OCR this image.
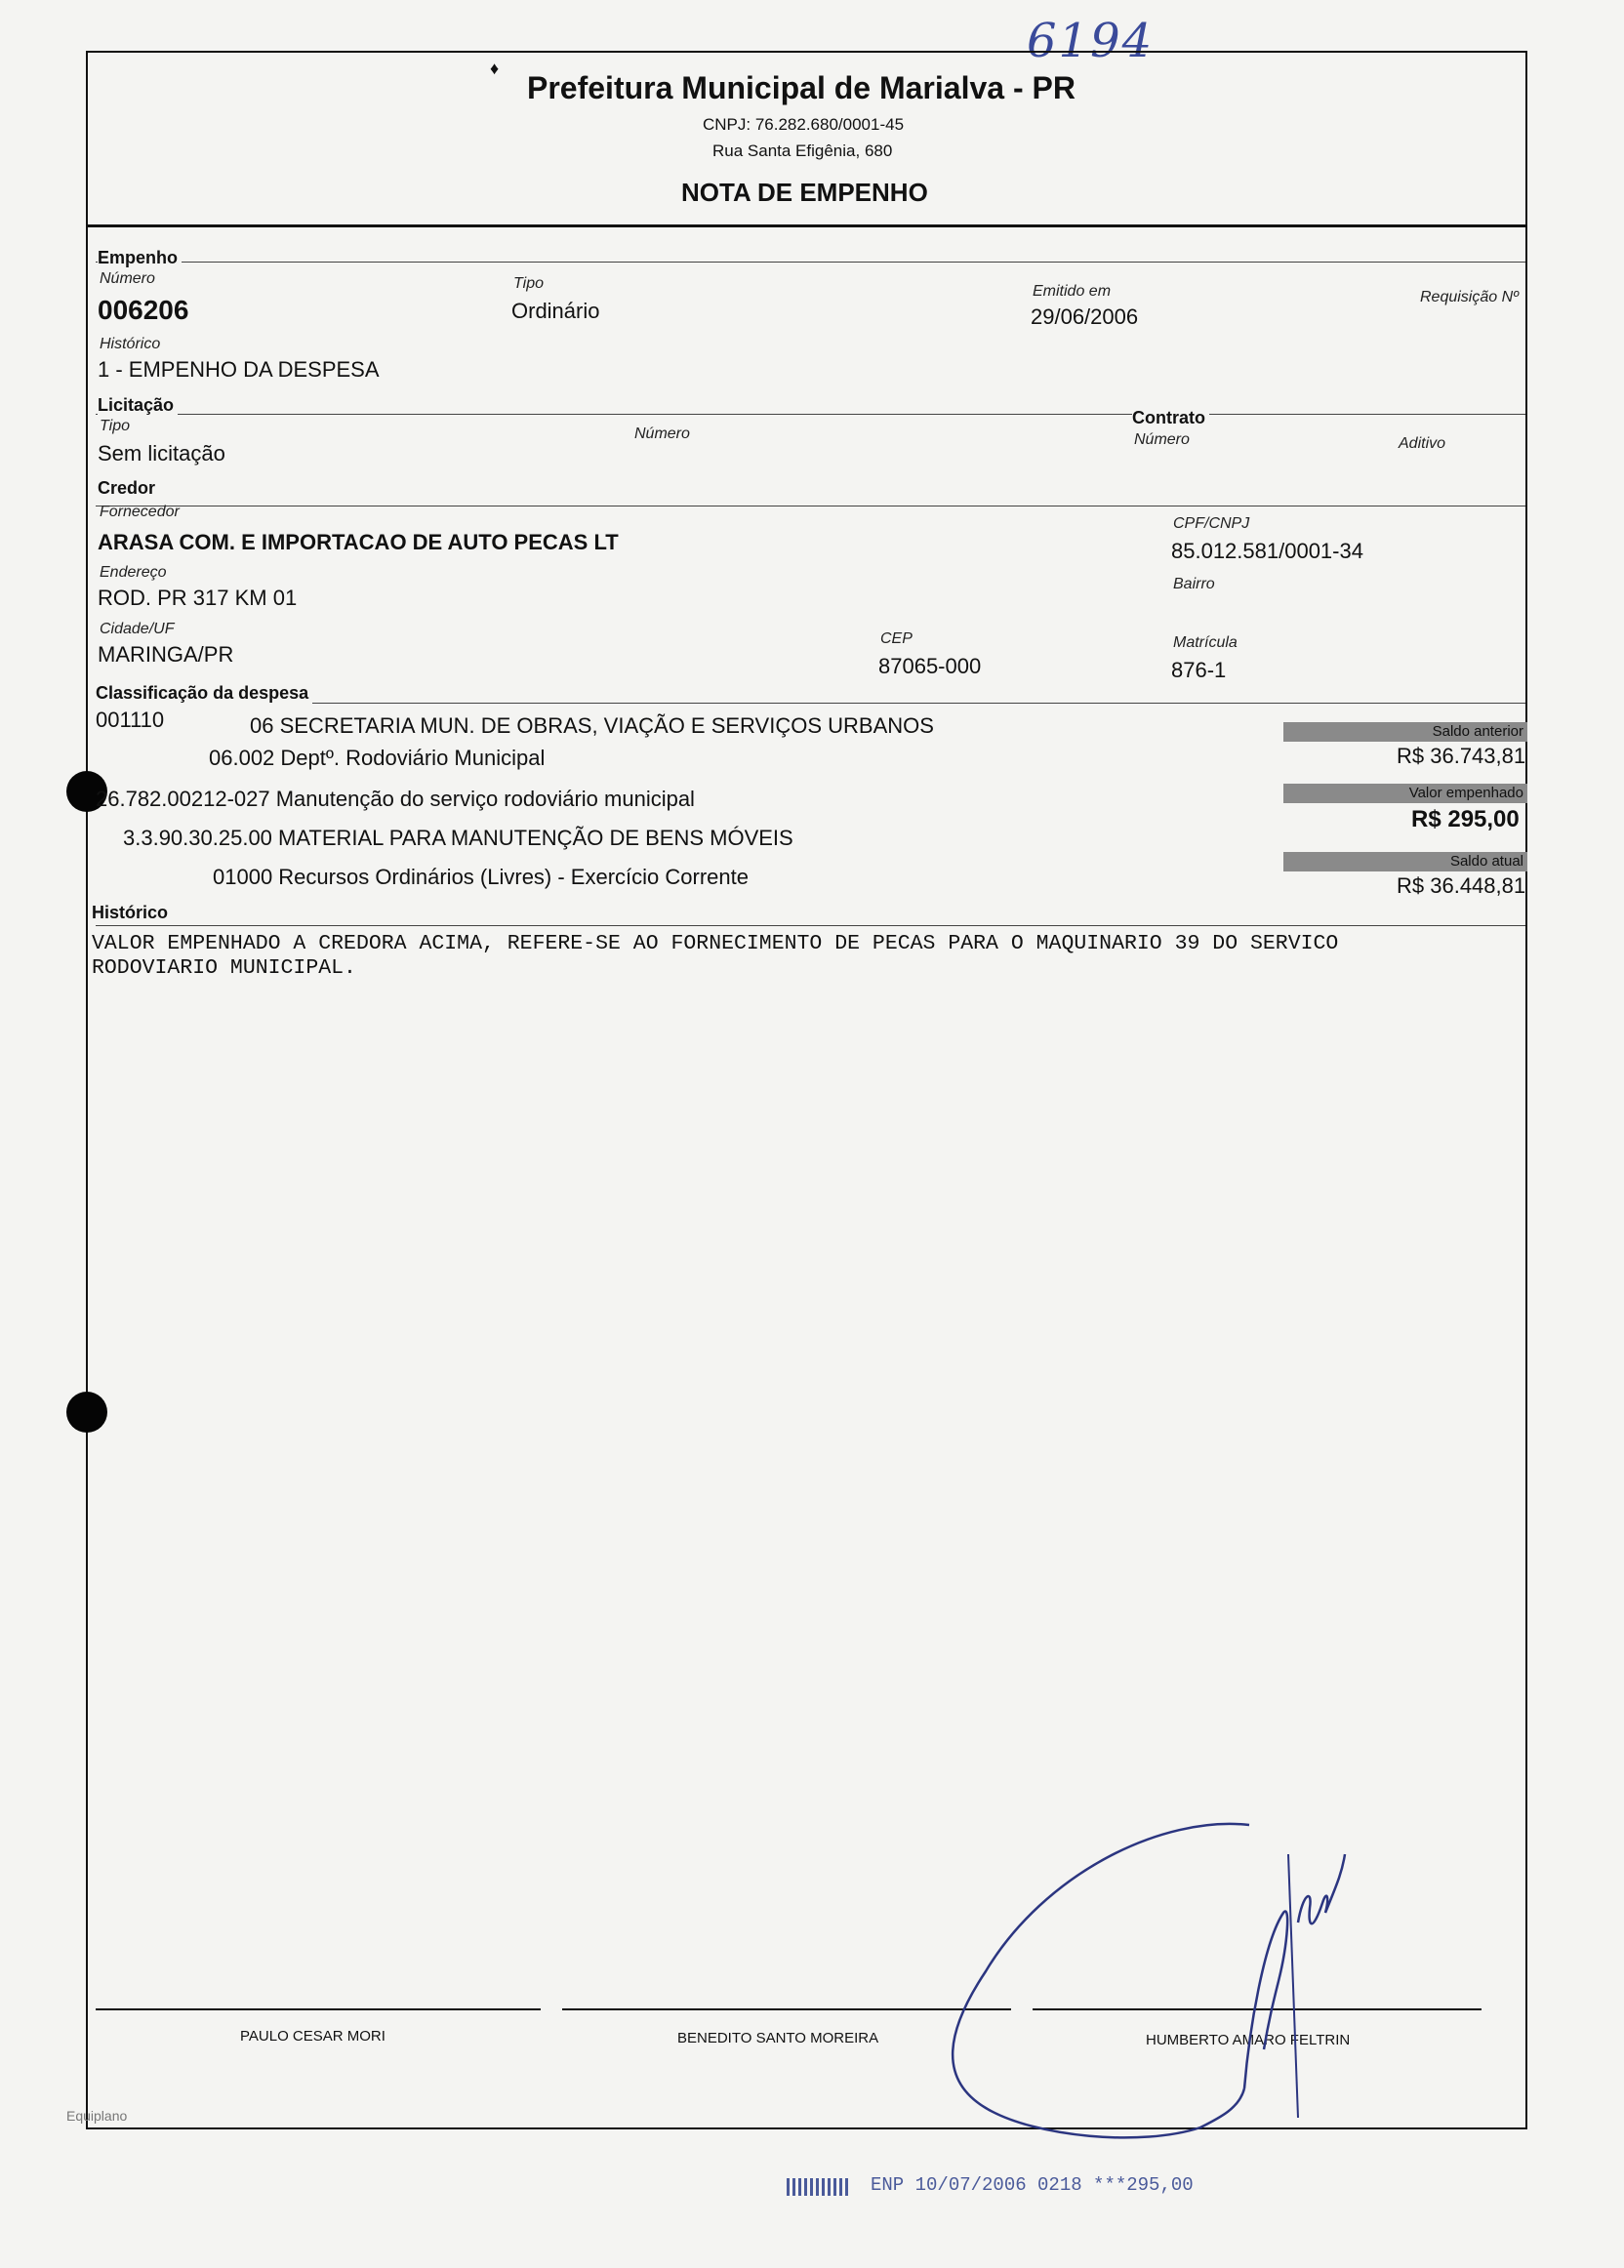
6194
♦
Prefeitura Municipal de Marialva - PR
CNPJ: 76.282.680/0001-45
Rua Santa Efigênia, 680
NOTA DE EMPENHO
Empenho
Número
006206
Tipo
Ordinário
Emitido em
29/06/2006
Requisição Nº
Histórico
1 - EMPENHO DA DESPESA
Licitação
Tipo
Sem licitação
Número
Contrato
Número	Aditivo
Credor
Fornecedor
ARASA COM. E IMPORTACAO DE AUTO PECAS LT
CPF/CNPJ
85.012.581/0001-34
Endereço
ROD. PR 317 KM 01
Bairro
Cidade/UF
MARINGA/PR
CEP
87065-000
Matrícula
876-1
Classificação da despesa
001110	06 SECRETARIA MUN. DE OBRAS, VIAÇÃO E SERVIÇOS URBANOS
06.002 Deptº. Rodoviário Municipal
26.782.00212-027 Manutenção do serviço rodoviário municipal
3.3.90.30.25.00 MATERIAL PARA MANUTENÇÃO DE BENS MÓVEIS
01000 Recursos Ordinários (Livres) - Exercício Corrente
Saldo anterior
R$ 36.743,81
Valor empenhado
R$ 295,00
Saldo atual
R$ 36.448,81
Histórico
VALOR EMPENHADO A CREDORA ACIMA, REFERE-SE AO FORNECIMENTO DE PECAS PARA O MAQUINARIO 39 DO SERVICO
RODOVIARIO MUNICIPAL.
PAULO CESAR MORI	BENEDITO SANTO MOREIRA	HUMBERTO AMARO FELTRIN
Equiplano
ENP 10/07/2006 0218 ***295,00
